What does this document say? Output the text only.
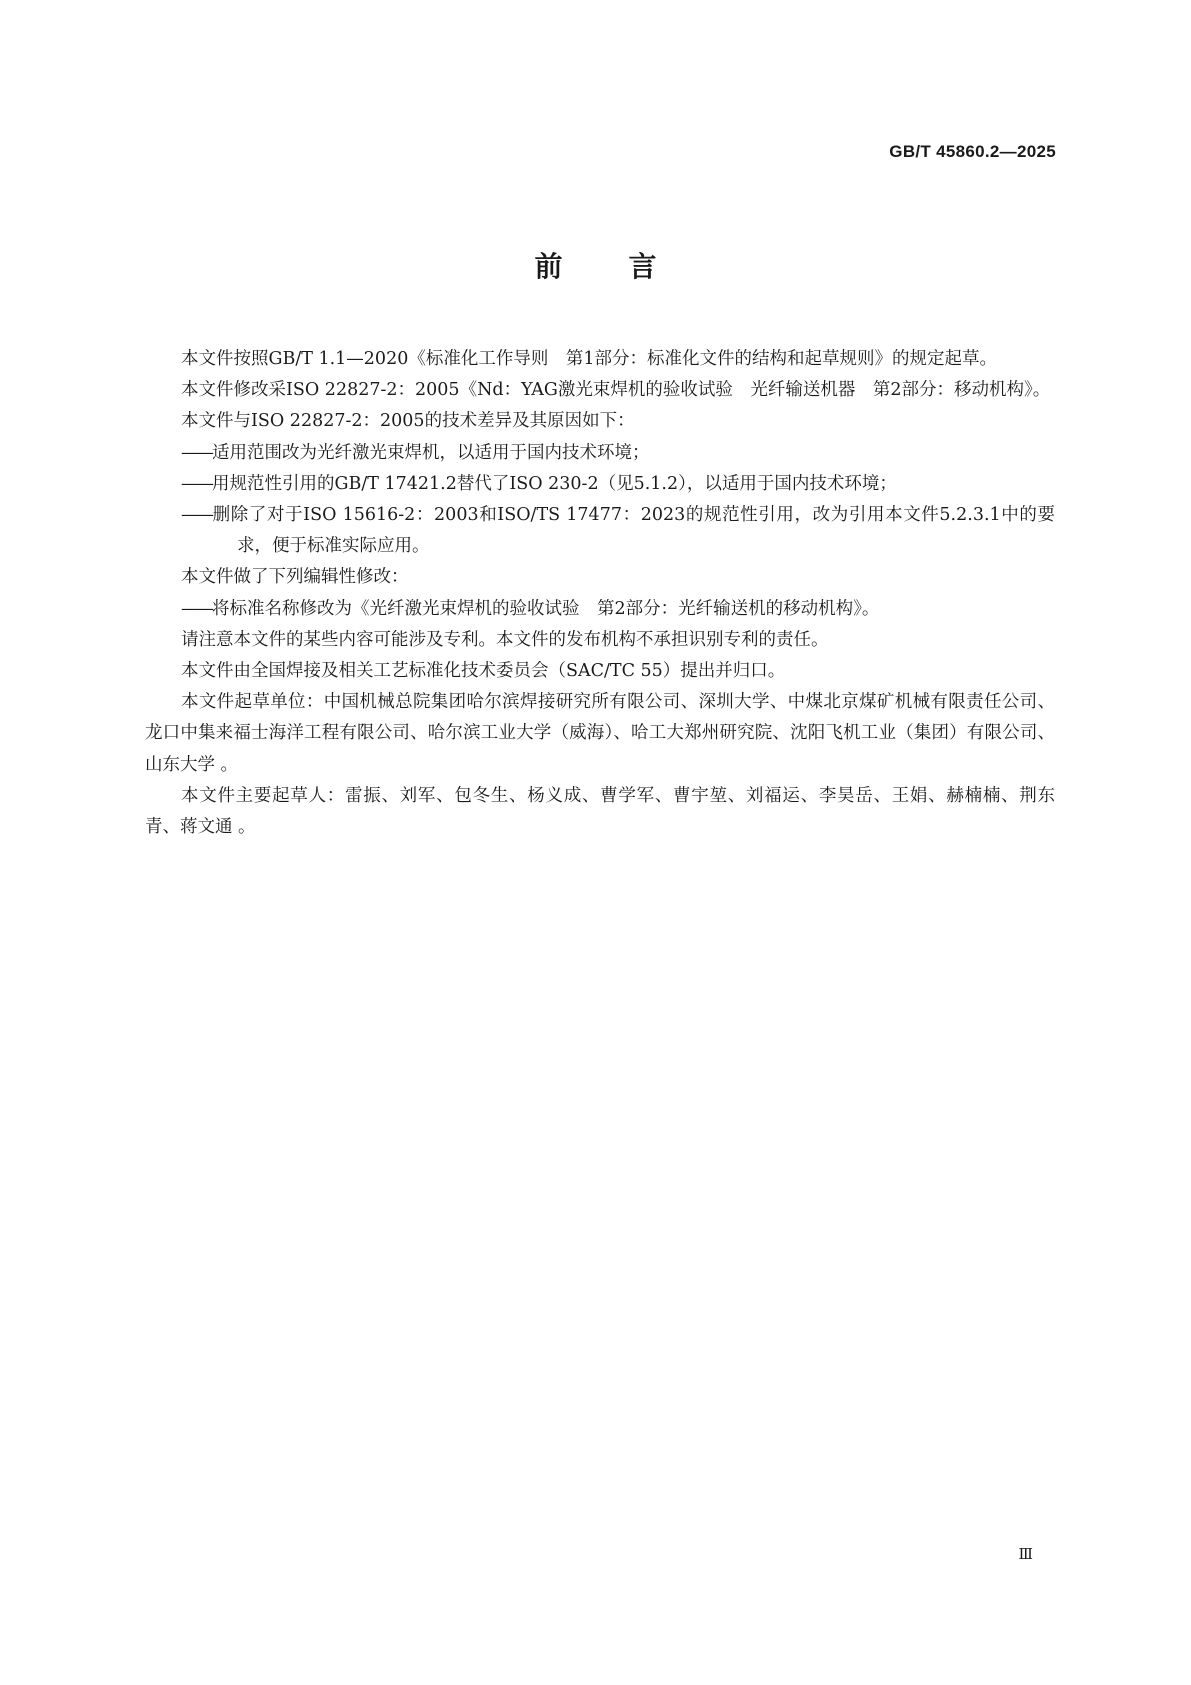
GB/T 45860.2—2025
前言

本文件按照GB/T 1.1—2020《标准化工作导则　第1部分：标准化文件的结构和起草规则》的规定起草。

本文件修改采ISO 22827-2：2005《Nd：YAG激光束焊机的验收试验　光纤输送机器　第2部分：移动机构》。

本文件与ISO 22827-2：2005的技术差异及其原因如下：

——适用范围改为光纤激光束焊机，以适用于国内技术环境；

——用规范性引用的GB/T 17421.2替代了ISO 230-2（见5.1.2），以适用于国内技术环境；

——删除了对于ISO 15616-2：2003和ISO/TS 17477：2023的规范性引用，改为引用本文件5.2.3.1中的要求，便于标准实际应用。

本文件做了下列编辑性修改：

——将标准名称修改为《光纤激光束焊机的验收试验　第2部分：光纤输送机的移动机构》。

请注意本文件的某些内容可能涉及专利。本文件的发布机构不承担识别专利的责任。

本文件由全国焊接及相关工艺标准化技术委员会（SAC/TC 55）提出并归口。

本文件起草单位：中国机械总院集团哈尔滨焊接研究所有限公司、深圳大学、中煤北京煤矿机械有限责任公司、龙口中集来福士海洋工程有限公司、哈尔滨工业大学（威海）、哈工大郑州研究院、沈阳飞机工业（集团）有限公司、山东大学 。

本文件主要起草人：雷振、刘军、包冬生、杨义成、曹学军、曹宇堃、刘福运、李昊岳、王娟、赫楠楠、荆东青、蒋文通 。

Ⅲ
